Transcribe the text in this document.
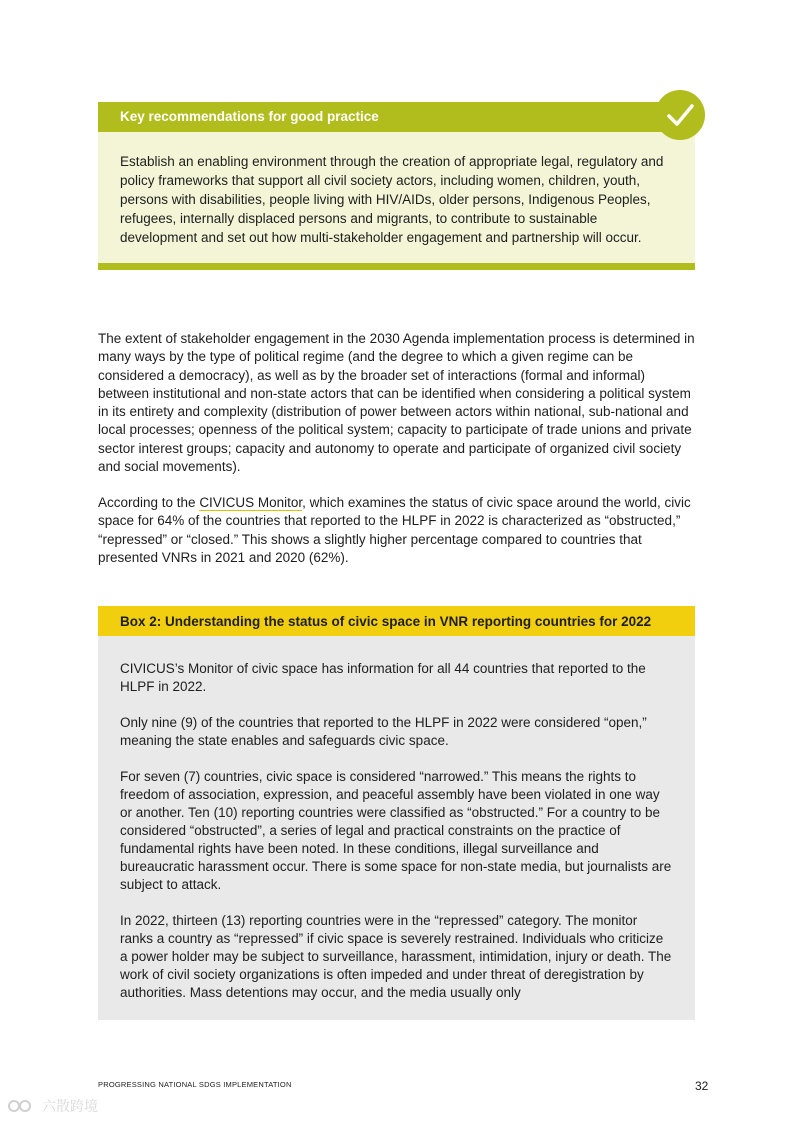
Key recommendations for good practice
Establish an enabling environment through the creation of appropriate legal, regulatory and policy frameworks that support all civil society actors, including women, children, youth, persons with disabilities, people living with HIV/AIDs, older persons, Indigenous Peoples, refugees, internally displaced persons and migrants, to contribute to sustainable development and set out how multi-stakeholder engagement and partnership will occur.

The extent of stakeholder engagement in the 2030 Agenda implementation process is determined in many ways by the type of political regime (and the degree to which a given regime can be considered a democracy), as well as by the broader set of interactions (formal and informal) between institutional and non-state actors that can be identified when considering a political system in its entirety and complexity (distribution of power between actors within national, sub-national and local processes; openness of the political system; capacity to participate of trade unions and private sector interest groups; capacity and autonomy to operate and participate of organized civil society and social movements).

According to the CIVICUS Monitor, which examines the status of civic space around the world, civic space for 64% of the countries that reported to the HLPF in 2022 is characterized as “obstructed,” “repressed” or “closed.” This shows a slightly higher percentage compared to countries that presented VNRs in 2021 and 2020 (62%).

Box 2: Understanding the status of civic space in VNR reporting countries for 2022

CIVICUS’s Monitor of civic space has information for all 44 countries that reported to the HLPF in 2022.

Only nine (9) of the countries that reported to the HLPF in 2022 were considered “open,” meaning the state enables and safeguards civic space.

For seven (7) countries, civic space is considered “narrowed.” This means the rights to freedom of association, expression, and peaceful assembly have been violated in one way or another. Ten (10) reporting countries were classified as “obstructed.” For a country to be considered “obstructed”, a series of legal and practical constraints on the practice of fundamental rights have been noted. In these conditions, illegal surveillance and bureaucratic harassment occur. There is some space for non-state media, but journalists are subject to attack.

In 2022, thirteen (13) reporting countries were in the “repressed” category. The monitor ranks a country as “repressed” if civic space is severely restrained. Individuals who criticize a power holder may be subject to surveillance, harassment, intimidation, injury or death. The work of civil society organizations is often impeded and under threat of deregistration by authorities. Mass detentions may occur, and the media usually only

PROGRESSING NATIONAL SDGS IMPLEMENTATION	32
六散跨境
